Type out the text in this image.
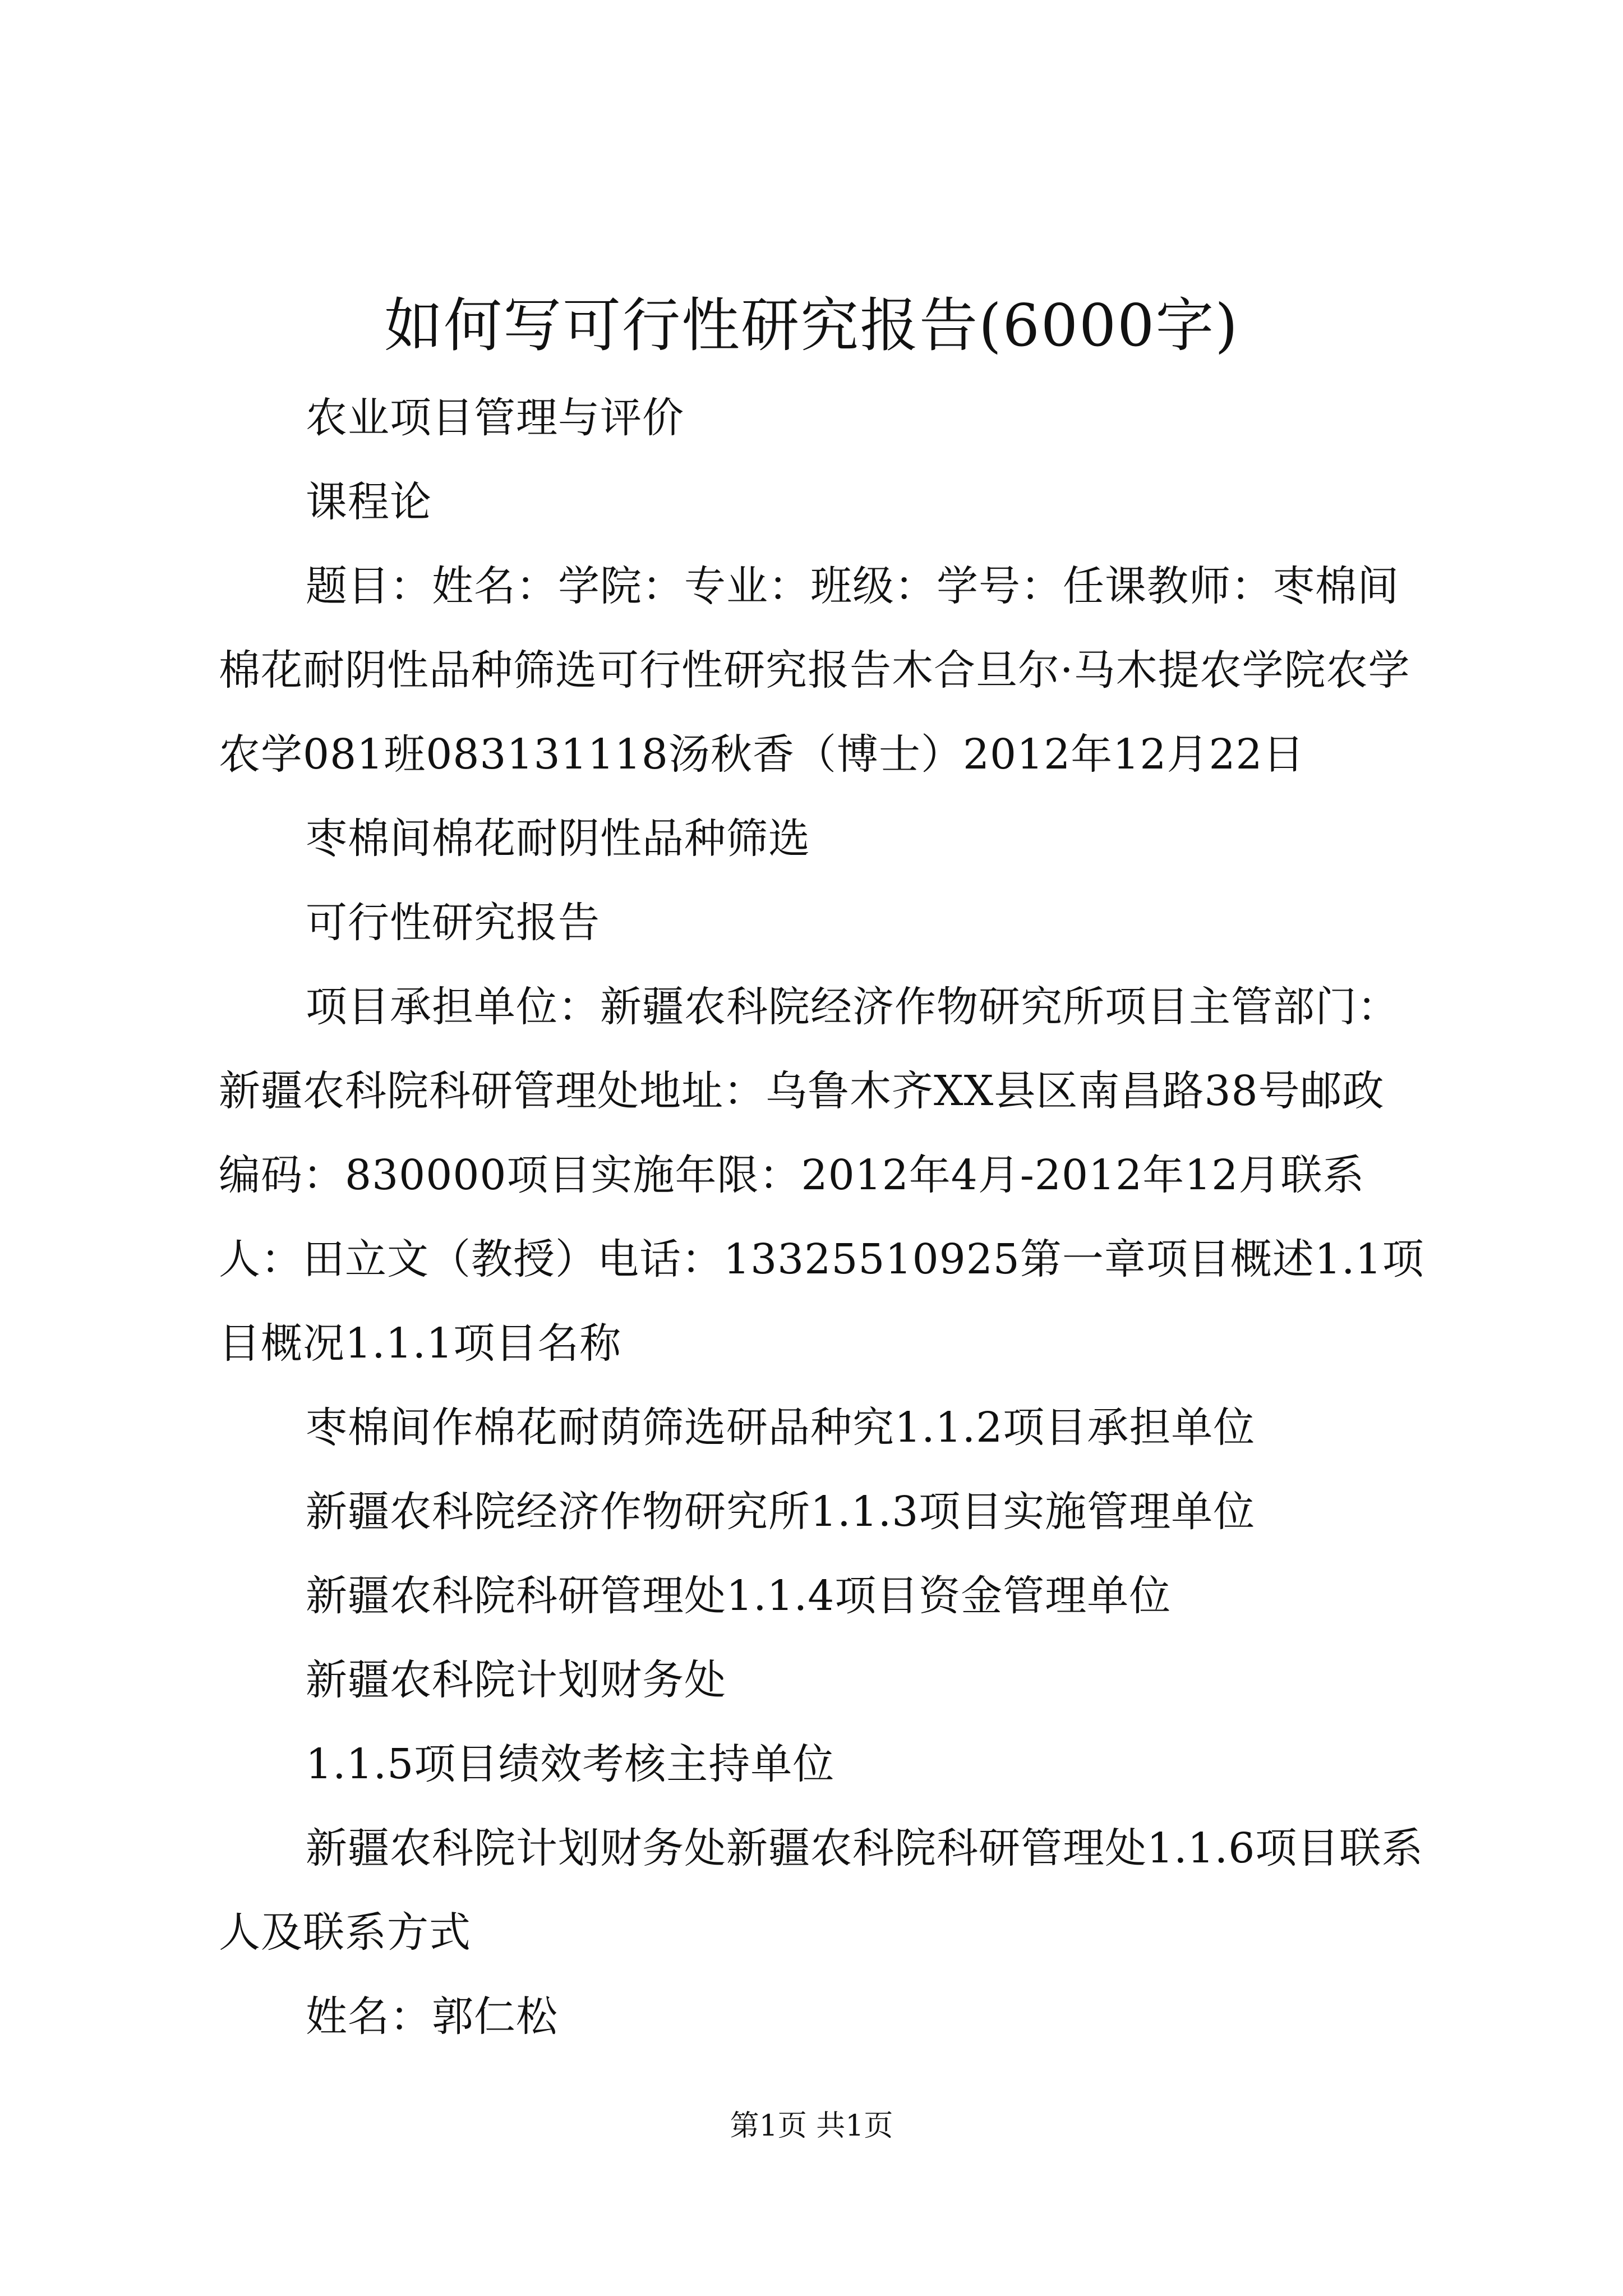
如何写可行性研究报告(6000字)

农业项目管理与评价

课程论

题目：姓名：学院：专业：班级：学号：任课教师：枣棉间棉花耐阴性品种筛选可行性研究报告木合旦尔·马木提农学院农学农学081班083131118汤秋香（博士）2012年12月22日

枣棉间棉花耐阴性品种筛选

可行性研究报告

项目承担单位：新疆农科院经济作物研究所项目主管部门：新疆农科院科研管理处地址：乌鲁木齐XX县区南昌路38号邮政编码：830000项目实施年限：2012年4月-2012年12月联系人：田立文（教授）电话：13325510925第一章项目概述1.1项目概况1.1.1项目名称

枣棉间作棉花耐荫筛选研品种究1.1.2项目承担单位

新疆农科院经济作物研究所1.1.3项目实施管理单位

新疆农科院科研管理处1.1.4项目资金管理单位

新疆农科院计划财务处

1.1.5项目绩效考核主持单位

新疆农科院计划财务处新疆农科院科研管理处1.1.6项目联系人及联系方式

姓名：郭仁松

第1页 共1页
